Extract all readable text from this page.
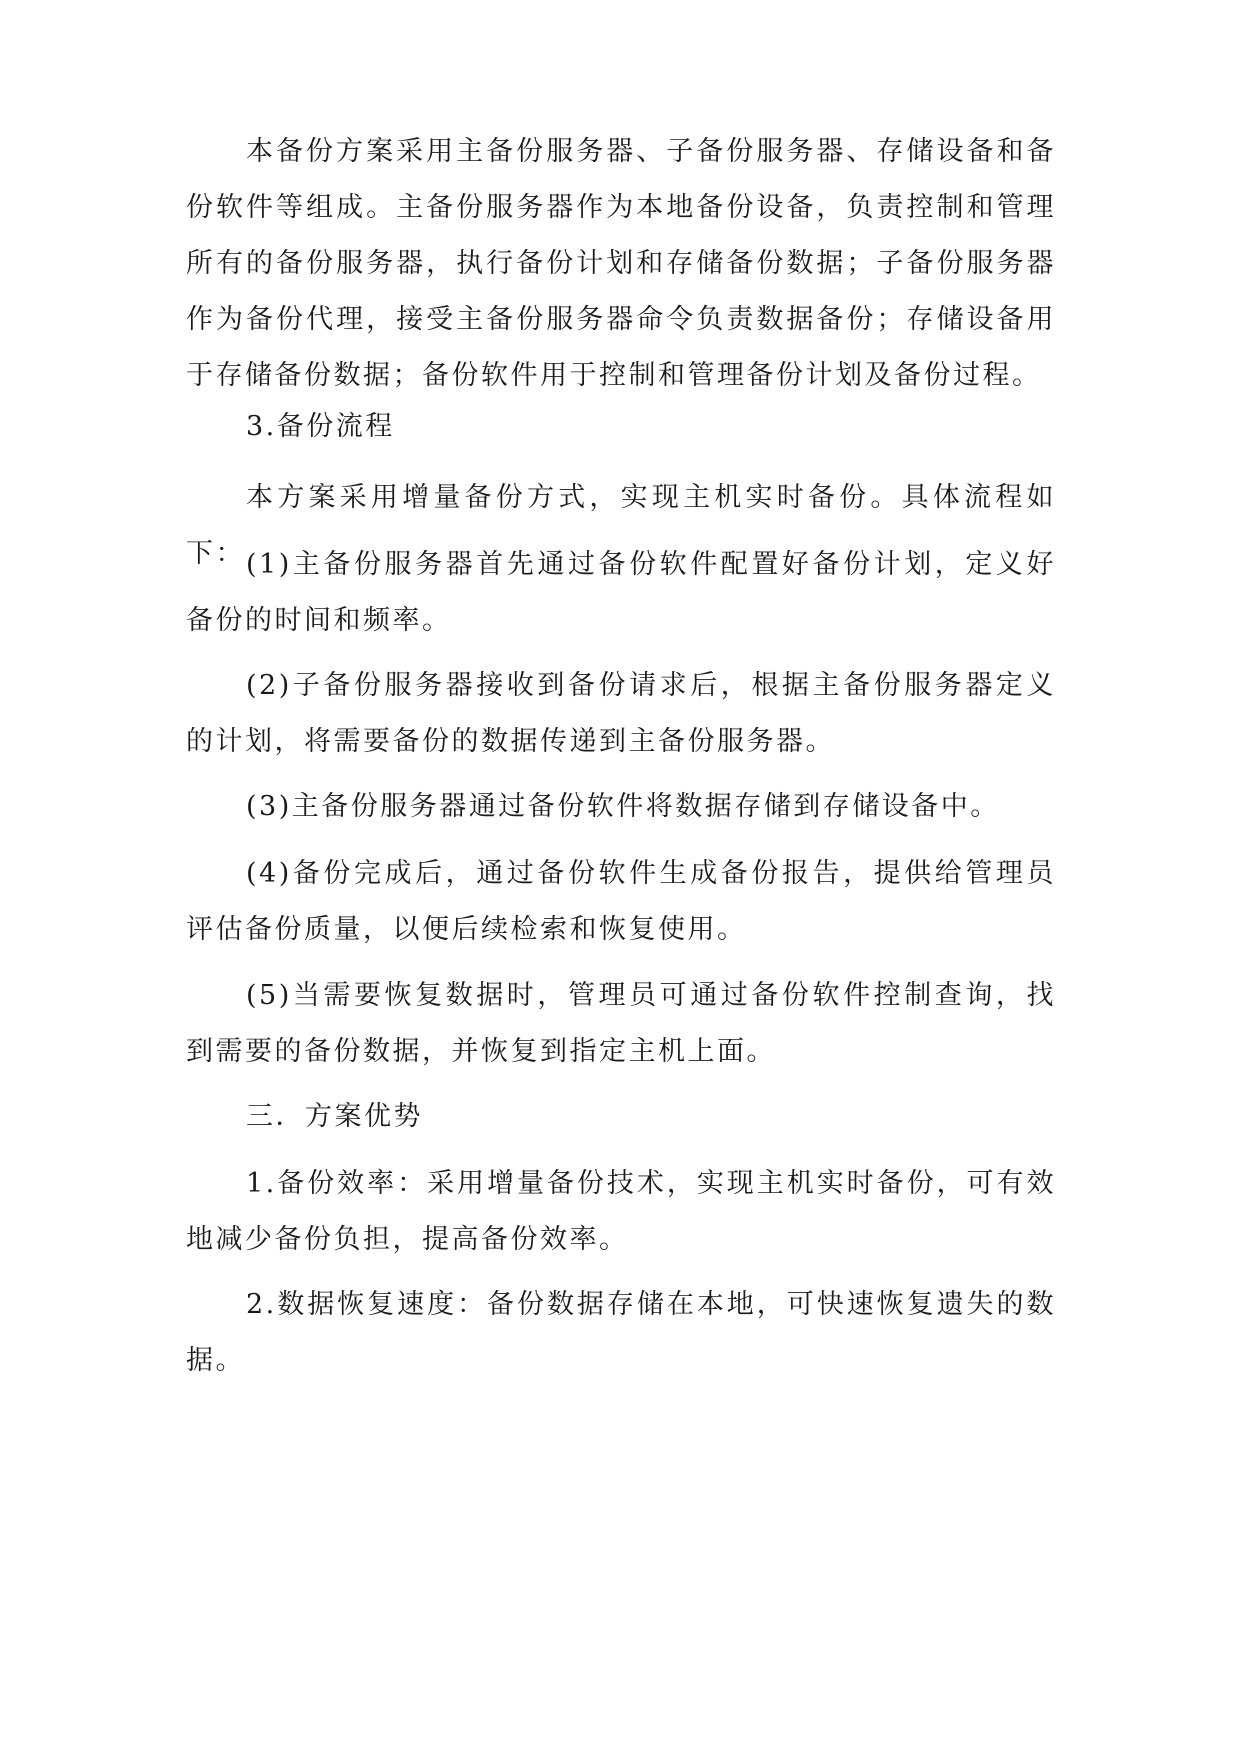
本备份方案采用主备份服务器、子备份服务器、存储设备和备份软件等组成。主备份服务器作为本地备份设备，负责控制和管理所有的备份服务器，执行备份计划和存储备份数据；子备份服务器作为备份代理，接受主备份服务器命令负责数据备份；存储设备用于存储备份数据；备份软件用于控制和管理备份计划及备份过程。

3.备份流程

本方案采用增量备份方式，实现主机实时备份。具体流程如下： (1)主备份服务器首先通过备份软件配置好备份计划，定义好备份的时间和频率。

(2)子备份服务器接收到备份请求后，根据主备份服务器定义的计划，将需要备份的数据传递到主备份服务器。

(3)主备份服务器通过备份软件将数据存储到存储设备中。

(4)备份完成后，通过备份软件生成备份报告，提供给管理员评估备份质量，以便后续检索和恢复使用。

(5)当需要恢复数据时，管理员可通过备份软件控制查询，找到需要的备份数据，并恢复到指定主机上面。

三．方案优势

1.备份效率：采用增量备份技术，实现主机实时备份，可有效地减少备份负担，提高备份效率。

2.数据恢复速度：备份数据存储在本地，可快速恢复遗失的数据。
